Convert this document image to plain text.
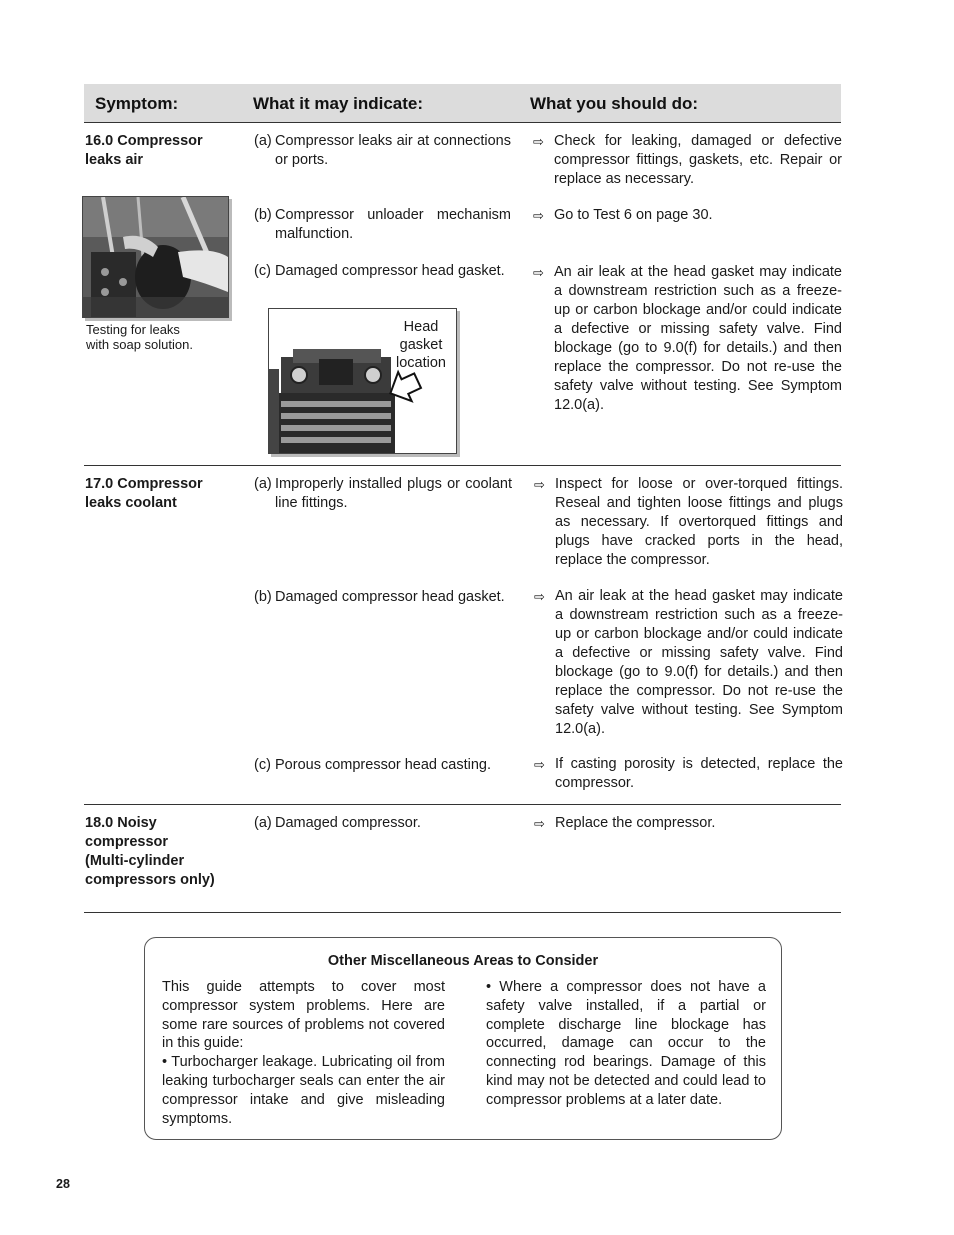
Symptom:	What it may indicate:	What you should do:
16.0 Compressor
leaks air
Testing for leaks
with soap solution.
(a) Compressor leaks air at connections or ports.
⇨ Check for leaking, damaged or defective compressor fittings, gaskets, etc. Repair or replace as necessary.
(b) Compressor unloader mechanism malfunction.
⇨ Go to Test 6 on page 30.
(c) Damaged compressor head gasket.	⇨ An air leak at the head gasket may indicate a downstream restriction such as a freeze-up or carbon blockage and/or could indicate a defective or missing safety valve. Find blockage (go to 9.0(f) for details.) and then replace the compressor. Do not re-use the safety valve without testing. See Symptom 12.0(a).
Head
gasket
location
17.0 Compressor
leaks coolant
(a) Improperly installed plugs or coolant line fittings.
⇨ Inspect for loose or over-torqued fittings. Reseal and tighten loose fittings and plugs as necessary. If overtorqued fittings and plugs have cracked ports in the head, replace the compressor.
(b) Damaged compressor head gasket.	⇨ An air leak at the head gasket may indicate a downstream restriction such as a freeze-up or carbon blockage and/or could indicate a defective or missing safety valve. Find blockage (go to 9.0(f) for details.) and then replace the compressor. Do not re-use the safety valve without testing. See Symptom 12.0(a).
(c) Porous compressor head casting.	⇨ If casting porosity is detected, replace the compressor.
18.0 Noisy
compressor
(Multi-cylinder
compressors only)
(a) Damaged compressor.	⇨ Replace the compressor.
Other Miscellaneous Areas to Consider
This guide attempts to cover most compressor system problems. Here are some rare sources of problems not covered in this guide:
• Turbocharger leakage. Lubricating oil from leaking turbocharger seals can enter the air compressor intake and give misleading symptoms.
• Where a compressor does not have a safety valve installed, if a partial or complete discharge line blockage has occurred, damage can occur to the connecting rod bearings. Damage of this kind may not be detected and could lead to compressor problems at a later date.
28
